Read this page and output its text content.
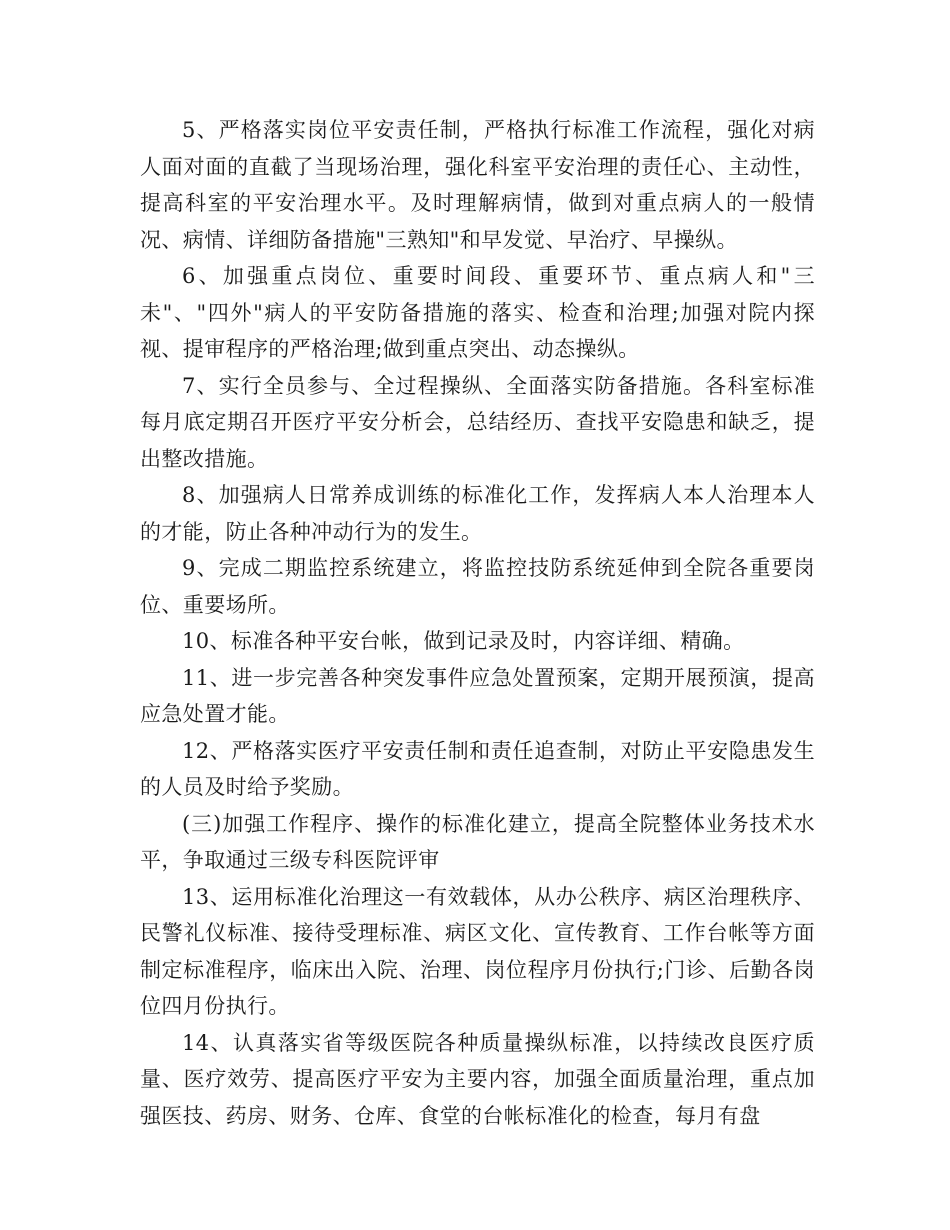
5、严格落实岗位平安责任制，严格执行标准工作流程，强化对病人面对面的直截了当现场治理，强化科室平安治理的责任心、主动性，提高科室的平安治理水平。及时理解病情，做到对重点病人的一般情况、病情、详细防备措施"三熟知"和早发觉、早治疗、早操纵。

6、加强重点岗位、重要时间段、重要环节、重点病人和"三未"、"四外"病人的平安防备措施的落实、检查和治理;加强对院内探视、提审程序的严格治理;做到重点突出、动态操纵。

7、实行全员参与、全过程操纵、全面落实防备措施。各科室标准每月底定期召开医疗平安分析会，总结经历、查找平安隐患和缺乏，提出整改措施。

8、加强病人日常养成训练的标准化工作，发挥病人本人治理本人的才能，防止各种冲动行为的发生。

9、完成二期监控系统建立，将监控技防系统延伸到全院各重要岗位、重要场所。

10、标准各种平安台帐，做到记录及时，内容详细、精确。

11、进一步完善各种突发事件应急处置预案，定期开展预演，提高应急处置才能。

12、严格落实医疗平安责任制和责任追查制，对防止平安隐患发生的人员及时给予奖励。

(三)加强工作程序、操作的标准化建立，提高全院整体业务技术水平，争取通过三级专科医院评审

13、运用标准化治理这一有效载体，从办公秩序、病区治理秩序、民警礼仪标准、接待受理标准、病区文化、宣传教育、工作台帐等方面制定标准程序，临床出入院、治理、岗位程序月份执行;门诊、后勤各岗位四月份执行。

14、认真落实省等级医院各种质量操纵标准，以持续改良医疗质量、医疗效劳、提高医疗平安为主要内容，加强全面质量治理，重点加强医技、药房、财务、仓库、食堂的台帐标准化的检查，每月有盘
